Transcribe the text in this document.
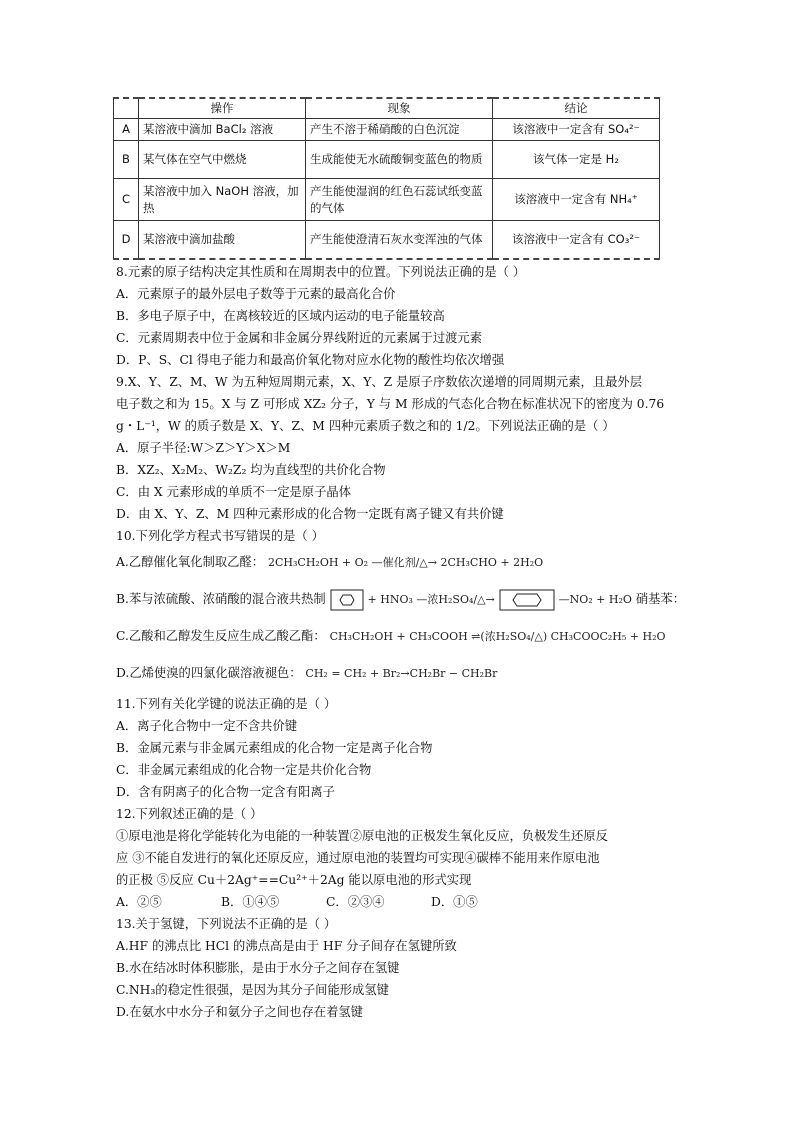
	操作	现象	结论
A	某溶液中滴加 BaCl₂ 溶液	产生不溶于稀硝酸的白色沉淀	该溶液中一定含有 SO₄²⁻
B	某气体在空气中燃烧	生成能使无水硫酸铜变蓝色的物质	该气体一定是 H₂
C	某溶液中加入 NaOH 溶液，加热	产生能使湿润的红色石蕊试纸变蓝的气体	该溶液中一定含有 NH₄⁺
D	某溶液中滴加盐酸	产生能使澄清石灰水变浑浊的气体	该溶液中一定含有 CO₃²⁻

8.元素的原子结构决定其性质和在周期表中的位置。下列说法正确的是（ ）

A．元素原子的最外层电子数等于元素的最高化合价

B．多电子原子中，在离核较近的区域内运动的电子能量较高

C．元素周期表中位于金属和非金属分界线附近的元素属于过渡元素

D．P、S、Cl 得电子能力和最高价氧化物对应水化物的酸性均依次增强

9.X、Y、Z、M、W 为五种短周期元素，X、Y、Z 是原子序数依次递增的同周期元素，且最外层

电子数之和为 15。X 与 Z 可形成 XZ₂ 分子，Y 与 M 形成的气态化合物在标准状况下的密度为 0.76

g・L⁻¹，W 的质子数是 X、Y、Z、M 四种元素质子数之和的 1/2。下列说法正确的是（ ）

A．原子半径:W＞Z＞Y＞X＞M

B．XZ₂、X₂M₂、W₂Z₂ 均为直线型的共价化合物

C．由 X 元素形成的单质不一定是原子晶体

D．由 X、Y、Z、M 四种元素形成的化合物一定既有离子键又有共价键

10.下列化学方程式书写错误的是（ ）

A.乙醇催化氧化制取乙醛： 2CH₃CH₂OH + O₂ —催化剂/△→ 2CH₃CHO + 2H₂O

B.苯与浓硫酸、浓硝酸的混合液共热制	+ HNO₃ —浓H₂SO₄/△→	—NO₂ + H₂O 硝基苯：

C.乙酸和乙醇发生反应生成乙酸乙酯： CH₃CH₂OH + CH₃COOH ⇌(浓H₂SO₄/△) CH₃COOC₂H₅ + H₂O

D.乙烯使溴的四氯化碳溶液褪色： CH₂ = CH₂ + Br₂→CH₂Br − CH₂Br

11.下列有关化学键的说法正确的是（ ）

A．离子化合物中一定不含共价键

B．金属元素与非金属元素组成的化合物一定是离子化合物

C．非金属元素组成的化合物一定是共价化合物

D．含有阴离子的化合物一定含有阳离子

12.下列叙述正确的是（ ）

①原电池是将化学能转化为电能的一种装置②原电池的正极发生氧化反应，负极发生还原反

应 ③不能自发进行的氧化还原反应，通过原电池的装置均可实现④碳棒不能用来作原电池

的正极 ⑤反应 Cu＋2Ag⁺==Cu²⁺＋2Ag 能以原电池的形式实现

A．②⑤	B．①④⑤	C．②③④	D．①⑤

13.关于氢键，下列说法不正确的是（ ）

A.HF 的沸点比 HCl 的沸点高是由于 HF 分子间存在氢键所致

B.水在结冰时体积膨胀，是由于水分子之间存在氢键

C.NH₃的稳定性很强，是因为其分子间能形成氢键

D.在氨水中水分子和氨分子之间也存在着氢键
